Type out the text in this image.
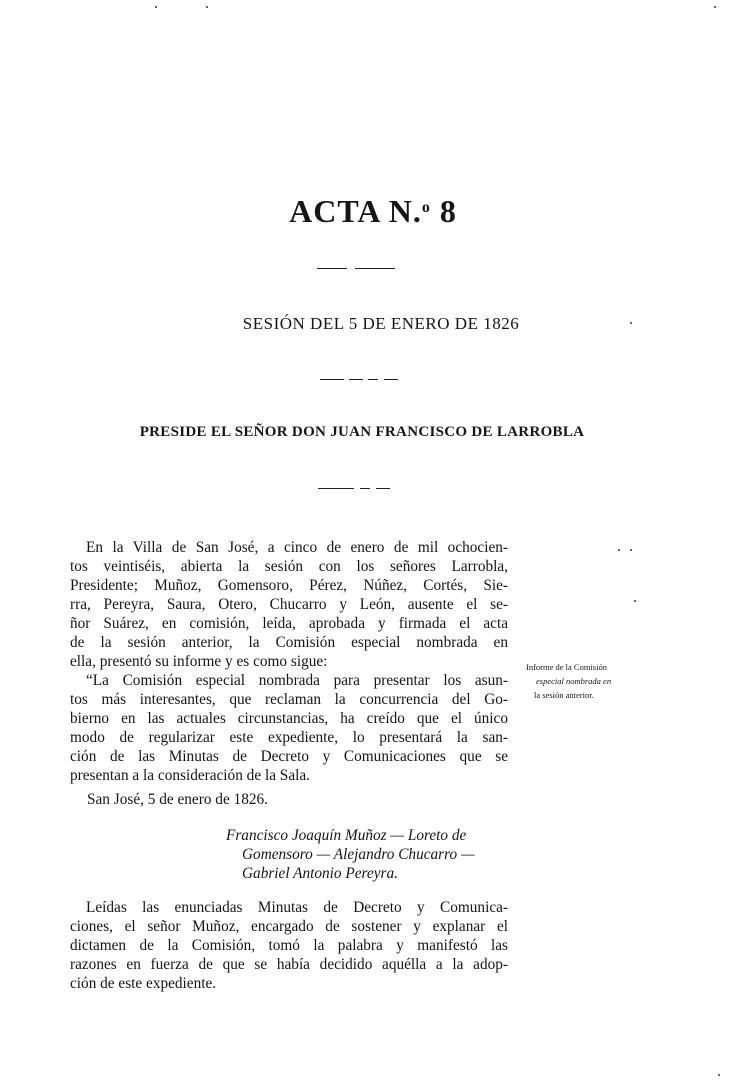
ACTA N.$^o$ 8
SESIÓN DEL 5 DE ENERO DE 1826
PRESIDE EL SEÑOR DON JUAN FRANCISCO DE LARROBLA
En la Villa de San José, a cinco de enero de mil ochocien-
tos veintiséis, abierta la sesión con los señores Larrobla,
Presidente; Muñoz, Gomensoro, Pérez, Núñez, Cortés, Sie-
rra, Pereyra, Saura, Otero, Chucarro y León, ausente el se-
ñor Suárez, en comisión, leída, aprobada y firmada el acta
de la sesión anterior, la Comisión especial nombrada en
ella, presentó su informe y es como sigue:
“La Comisión especial nombrada para presentar los asun-
tos más interesantes, que reclaman la concurrencia del Go-
bierno en las actuales circunstancias, ha creído que el único
modo de regularizar este expediente, lo presentará la san-
ción de las Minutas de Decreto y Comunicaciones que se
presentan a la consideración de la Sala.
Informe de la Comisión
especial nombrada en
la sesión anterior.
San José, 5 de enero de 1826.
Francisco Joaquín Muñoz — Loreto de
Gomensoro — Alejandro Chucarro —
Gabriel Antonio Pereyra.
Leídas las enunciadas Minutas de Decreto y Comunica-
ciones, el señor Muñoz, encargado de sostener y explanar el
dictamen de la Comisión, tomó la palabra y manifestó las
razones en fuerza de que se había decidido aquélla a la adop-
ción de este expediente.
